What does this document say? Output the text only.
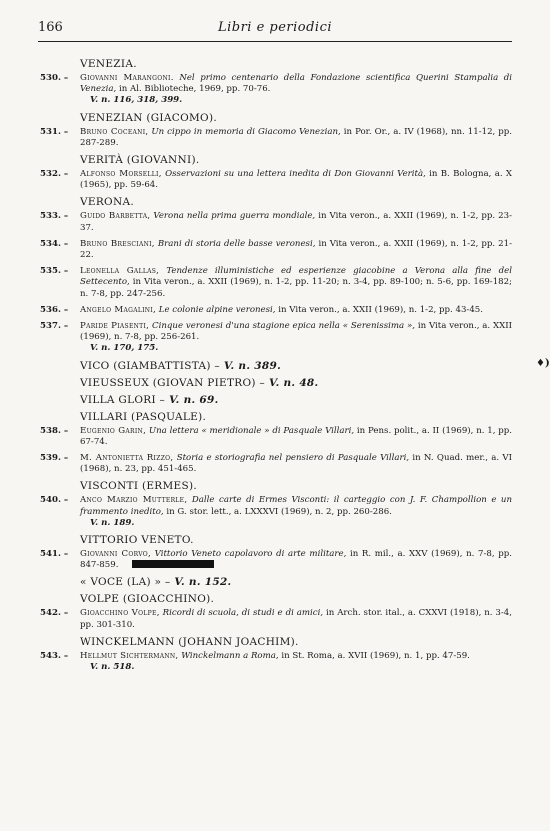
166	Libri e periodici
VENEZIA.
530. –	Giovanni Marangoni. Nel primo centenario della Fondazione scientifica Querini Stampalia di Venezia, in Al. Biblioteche, 1969, pp. 70-76.
V. n. 116, 318, 399.
VENEZIAN (GIACOMO).
531. –	Bruno Coceani, Un cippo in memoria di Giacomo Venezian, in Por. Or., a. IV (1968), nn. 11-12, pp. 287-289.
VERITÀ (GIOVANNI).
532. –	Alfonso Morselli, Osservazioni su una lettera inedita di Don Giovanni Verità, in B. Bologna, a. X (1965), pp. 59-64.
VERONA.
533. –	Guido Barbetta, Verona nella prima guerra mondiale, in Vita veron., a. XXII (1969), n. 1-2, pp. 23-37.
534. –	Bruno Bresciani, Brani di storia delle basse veronesi, in Vita veron., a. XXII (1969), n. 1-2, pp. 21-22.
535. –	Leonella Gallas, Tendenze illuministiche ed esperienze giacobine a Verona alla fine del Settecento, in Vita veron., a. XXII (1969), n. 1-2, pp. 11-20; n. 3-4, pp. 89-100; n. 5-6, pp. 169-182; n. 7-8, pp. 247-256.
536. –	Angelo Magalini, Le colonie alpine veronesi, in Vita veron., a. XXII (1969), n. 1-2, pp. 43-45.
537. –	Paride Piasenti, Cinque veronesi d'una stagione epica nella « Serenissima », in Vita veron., a. XXII (1969), n. 7-8, pp. 256-261.
V. n. 170, 175.
VICO (GIAMBATTISTA) – V. n. 389.
VIEUSSEUX (GIOVAN PIETRO) – V. n. 48.
VILLA GLORI – V. n. 69.
VILLARI (PASQUALE).
538. –	Eugenio Garin, Una lettera « meridionale » di Pasquale Villari, in Pens. polit., a. II (1969), n. 1, pp. 67-74.
539. –	M. Antonietta Rizzo, Storia e storiografia nel pensiero di Pasquale Villari, in N. Quad. mer., a. VI (1968), n. 23, pp. 451-465.
VISCONTI (ERMES).
540. –	Anco Marzio Mutterle, Dalle carte di Ermes Visconti: il carteggio con J. F. Champollion e un frammento inedito, in G. stor. lett., a. LXXXVI (1969), n. 2, pp. 260-286.
V. n. 189.
VITTORIO VENETO.
541. –	Giovanni Corvo, Vittorio Veneto capolavoro di arte militare, in R. mil., a. XXV (1969), n. 7-8, pp. 847-859.
« VOCE (LA) » – V. n. 152.
VOLPE (GIOACCHINO).
542. –	Gioacchino Volpe, Ricordi di scuola, di studi e di amici, in Arch. stor. ital., a. CXXVI (1918), n. 3-4, pp. 301-310.
WINCKELMANN (JOHANN JOACHIM).
543. –	Hellmut Sichtermann, Winckelmann a Roma, in St. Roma, a. XVII (1969), n. 1, pp. 47-59.
V. n. 518.
♦)
